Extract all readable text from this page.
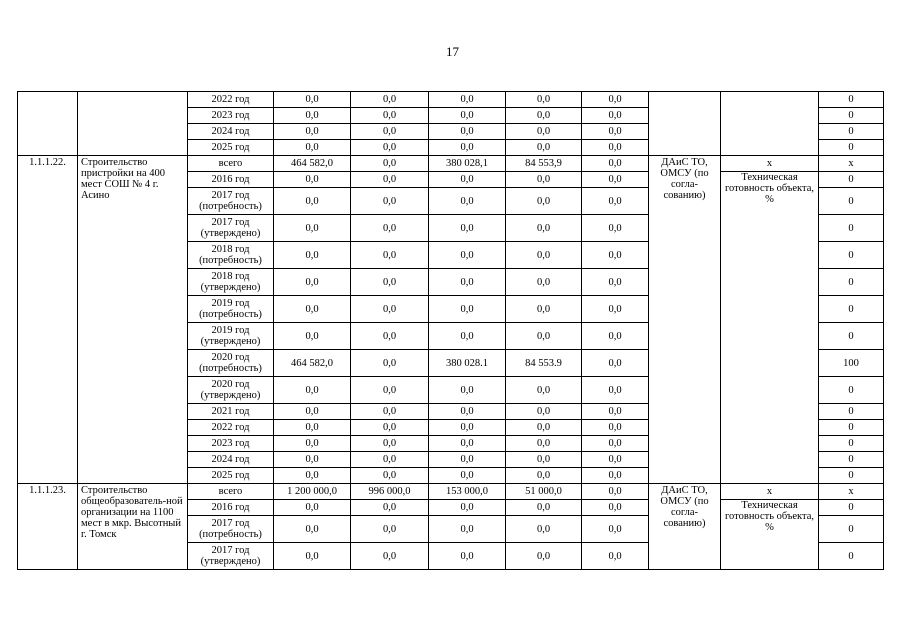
17
		2022 год	0,0	0,0	0,0	0,0	0,0			0
		2023 год	0,0	0,0	0,0	0,0	0,0			0
		2024 год	0,0	0,0	0,0	0,0	0,0			0
		2025 год	0,0	0,0	0,0	0,0	0,0			0
1.1.1.22.	Строительство пристройки на 400 мест СОШ № 4 г. Асино	всего	464 582,0	0,0	380 028,1	84 553,9	0,0	ДАиС ТО, ОМСУ (по согла-сованию)	х	х
		2016 год	0,0	0,0	0,0	0,0	0,0		Техническая готовность объекта, %	0
		2017 год (потребность)	0,0	0,0	0,0	0,0	0,0			0
		2017 год (утверждено)	0,0	0,0	0,0	0,0	0,0			0
		2018 год (потребность)	0,0	0,0	0,0	0,0	0,0			0
		2018 год (утверждено)	0,0	0,0	0,0	0,0	0,0			0
		2019 год (потребность)	0,0	0,0	0,0	0,0	0,0			0
		2019 год (утверждено)	0,0	0,0	0,0	0,0	0,0			0
		2020 год (потребность)	464 582,0	0,0	380 028.1	84 553.9	0,0			100
		2020 год (утверждено)	0,0	0,0	0,0	0,0	0,0			0
		2021 год	0,0	0,0	0,0	0,0	0,0			0
		2022 год	0,0	0,0	0,0	0,0	0,0			0
		2023 год	0,0	0,0	0,0	0,0	0,0			0
		2024 год	0,0	0,0	0,0	0,0	0,0			0
		2025 год	0,0	0,0	0,0	0,0	0,0			0
1.1.1.23.	Строительство общеобразователь-ной организации на 1100 мест в мкр. Высотный г. Томск	всего	1 200 000,0	996 000,0	153 000,0	51 000,0	0,0	ДАиС ТО, ОМСУ (по согла-сованию)	х	х
		2016 год	0,0	0,0	0,0	0,0	0,0		Техническая готовность объекта, %	0
		2017 год (потребность)	0,0	0,0	0,0	0,0	0,0			0
		2017 год (утверждено)	0,0	0,0	0,0	0,0	0,0			0
